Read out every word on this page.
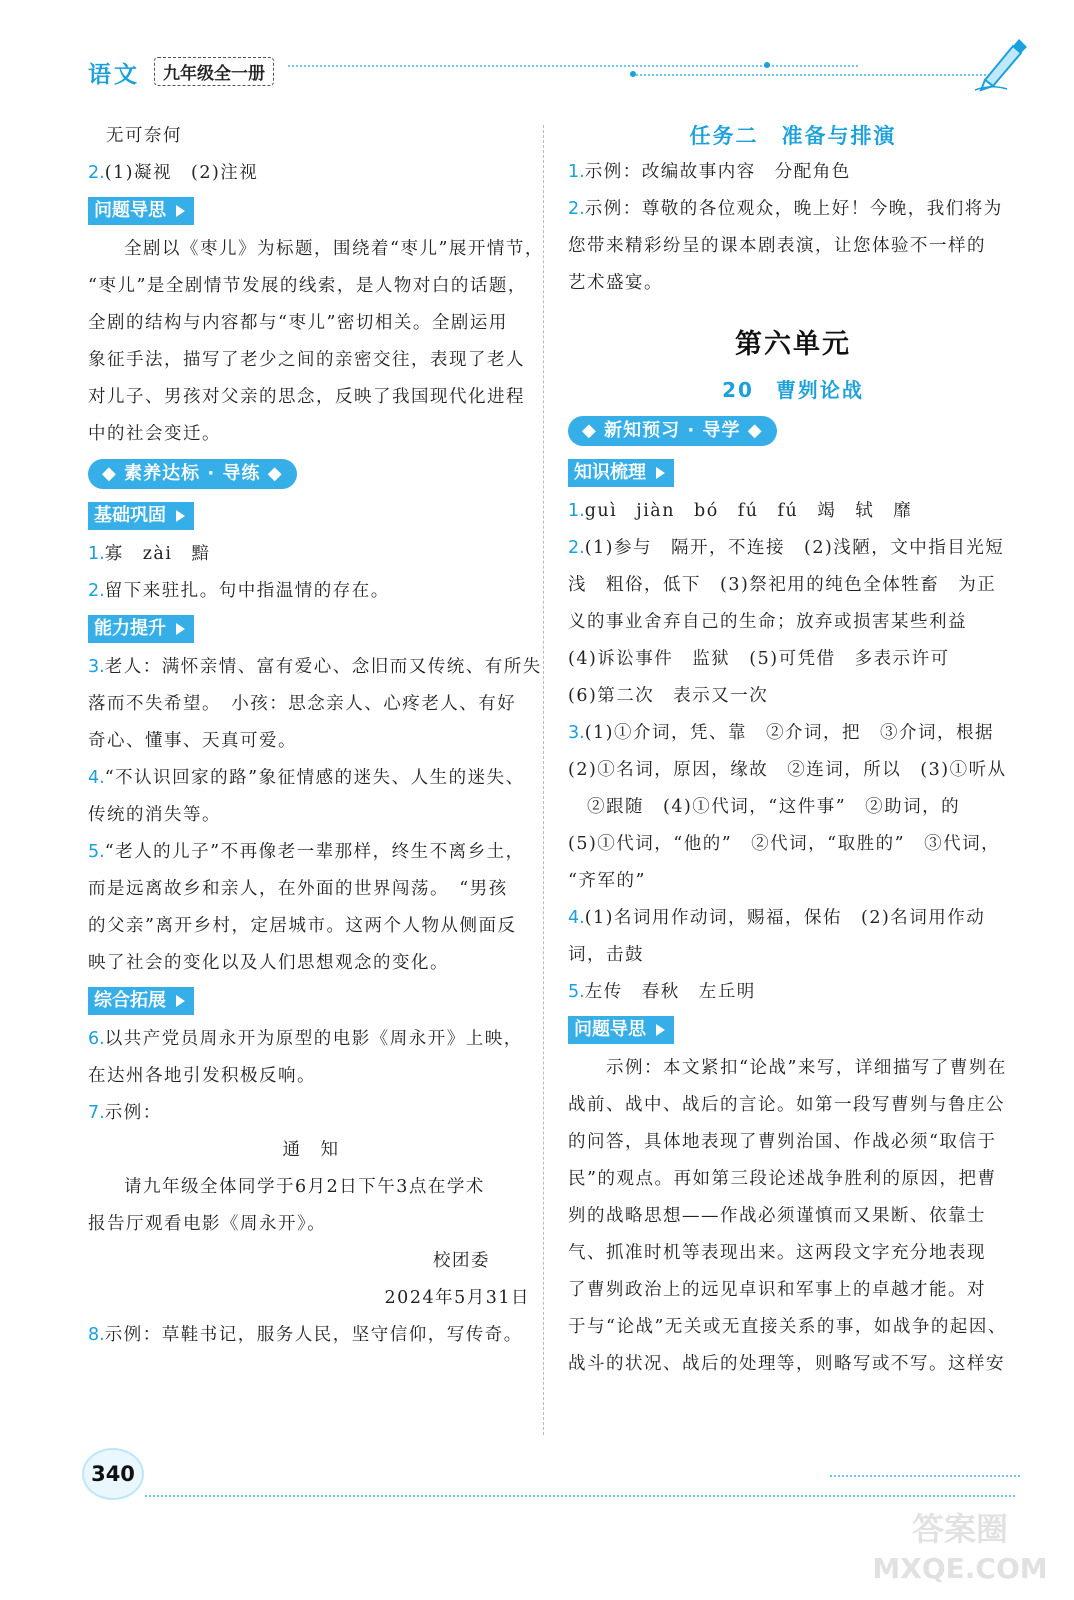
语文	九年级全一册
无可奈何
2.(1)凝视　(2)注视
问题导思
全剧以《枣儿》为标题，围绕着“枣儿”展开情节，
“枣儿”是全剧情节发展的线索，是人物对白的话题，
全剧的结构与内容都与“枣儿”密切相关。全剧运用
象征手法，描写了老少之间的亲密交往，表现了老人
对儿子、男孩对父亲的思念，反映了我国现代化进程
中的社会变迁。
◆ 素养达标 · 导练 ◆
基础巩固
1.寡　zài　黯
2.留下来驻扎。句中指温情的存在。
能力提升
3.老人：满怀亲情、富有爱心、念旧而又传统、有所失
落而不失希望。　小孩：思念亲人、心疼老人、有好
奇心、懂事、天真可爱。
4.“不认识回家的路”象征情感的迷失、人生的迷失、
传统的消失等。
5.“老人的儿子”不再像老一辈那样，终生不离乡土，
而是远离故乡和亲人，在外面的世界闯荡。　“男孩
的父亲”离开乡村，定居城市。这两个人物从侧面反
映了社会的变化以及人们思想观念的变化。
综合拓展
6.以共产党员周永开为原型的电影《周永开》上映，
在达州各地引发积极反响。
7.示例：
通　知
请九年级全体同学于6月2日下午3点在学术
报告厅观看电影《周永开》。
校团委
2024年5月31日
8.示例：草鞋书记，服务人民，坚守信仰，写传奇。
任务二　准备与排演
1.示例：改编故事内容　分配角色
2.示例：尊敬的各位观众，晚上好！今晚，我们将为
您带来精彩纷呈的课本剧表演，让您体验不一样的
艺术盛宴。
第六单元
20　曹刿论战
◆ 新知预习 · 导学 ◆
知识梳理
1.guì　jiàn　bó　fú　fú　竭　轼　靡
2.(1)参与　隔开，不连接　(2)浅陋，文中指目光短
浅　粗俗，低下　(3)祭祀用的纯色全体牲畜　为正
义的事业舍弃自己的生命；放弃或损害某些利益
(4)诉讼事件　监狱　(5)可凭借　多表示许可
(6)第二次　表示又一次
3.(1)①介词，凭、靠　②介词，把　③介词，根据
(2)①名词，原因，缘故　②连词，所以　(3)①听从
　②跟随　(4)①代词，“这件事”　②助词，的
(5)①代词，“他的”　②代词，“取胜的”　③代词，
“齐军的”
4.(1)名词用作动词，赐福，保佑　(2)名词用作动
词，击鼓
5.左传　春秋　左丘明
问题导思
　　示例：本文紧扣“论战”来写，详细描写了曹刿在
战前、战中、战后的言论。如第一段写曹刿与鲁庄公
的问答，具体地表现了曹刿治国、作战必须“取信于
民”的观点。再如第三段论述战争胜利的原因，把曹
刿的战略思想——作战必须谨慎而又果断、依靠士
气、抓准时机等表现出来。这两段文字充分地表现
了曹刿政治上的远见卓识和军事上的卓越才能。对
于与“论战”无关或无直接关系的事，如战争的起因、
战斗的状况、战后的处理等，则略写或不写。这样安
340
答案圈
MXQE.COM
